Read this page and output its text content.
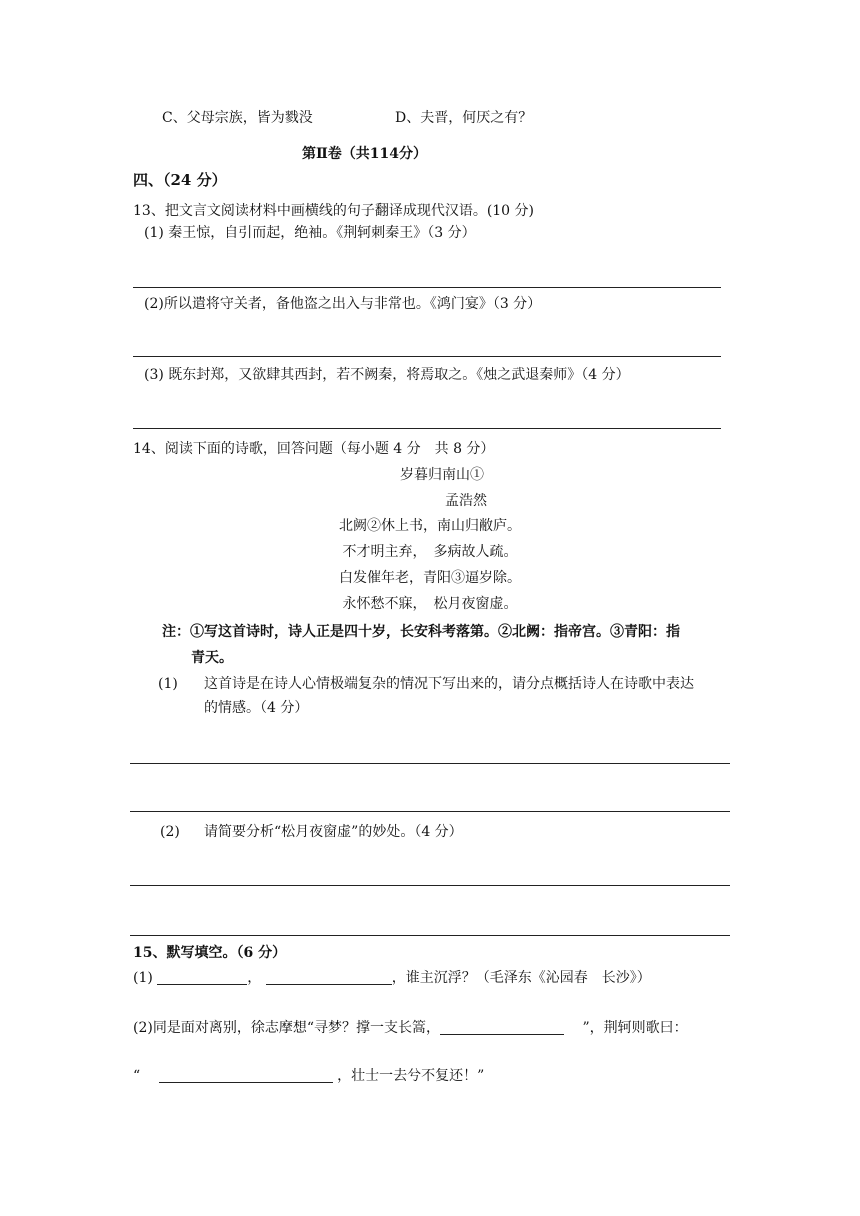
C、父母宗族，皆为戮没	D、夫晋，何厌之有？
第Ⅱ卷（共114分）
四、（24 分）
13、把文言文阅读材料中画横线的句子翻译成现代汉语。(10 分)
(1) 秦王惊，自引而起，绝袖。《荆轲刺秦王》（3 分）
(2)所以遣将守关者，备他盗之出入与非常也。《鸿门宴》（3 分）
(3) 既东封郑，又欲肆其西封，若不阙秦，将焉取之。《烛之武退秦师》（4 分）
14、阅读下面的诗歌，回答问题（每小题 4 分　共 8 分）
岁暮归南山①
孟浩然
北阙②休上书，南山归敝庐。
不才明主弃，　多病故人疏。
白发催年老，青阳③逼岁除。
永怀愁不寐，　松月夜窗虚。
注：①写这首诗时，诗人正是四十岁，长安科考落第。②北阙：指帝宫。③青阳：指
青天。
(1) 这首诗是在诗人心情极端复杂的情况下写出来的，请分点概括诗人在诗歌中表达
的情感。（4 分）
(2) 请简要分析“松月夜窗虚”的妙处。（4 分）
15、默写填空。（6 分）
(1)	，	，谁主沉浮？（毛泽东《沁园春　长沙》）
(2)同是面对离别，徐志摩想“寻梦？撑一支长篙，	”，荆轲则歌曰：
“	，壮士一去兮不复还！”
